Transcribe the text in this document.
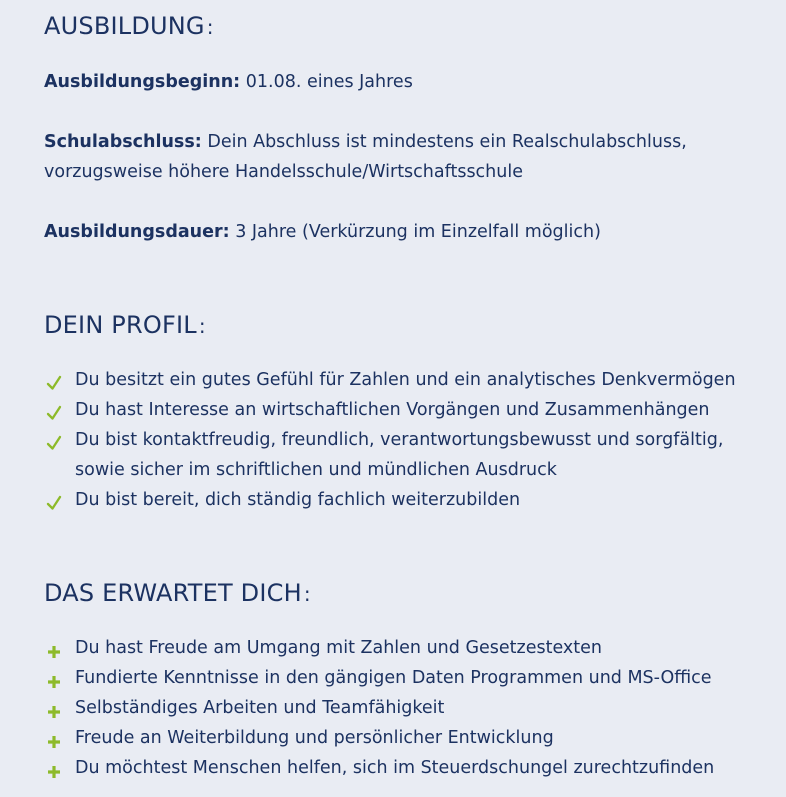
AUSBILDUNG :
Ausbildungsbeginn: 01.08. eines Jahres
Schulabschluss: Dein Abschluss ist mindestens ein Realschulabschluss, vorzugsweise höhere Handelsschule/Wirtschaftsschule
Ausbildungsdauer: 3 Jahre (Verkürzung im Einzelfall möglich)
DEIN PROFIL :
Du besitzt ein gutes Gefühl für Zahlen und ein analytisches Denkvermögen
Du hast Interesse an wirtschaftlichen Vorgängen und Zusammenhängen
Du bist kontaktfreudig, freundlich, verantwortungsbewusst und sorgfältig, sowie sicher im schriftlichen und mündlichen Ausdruck
Du bist bereit, dich ständig fachlich weiterzubilden
DAS ERWARTET DICH :
Du hast Freude am Umgang mit Zahlen und Gesetzestexten
Fundierte Kenntnisse in den gängigen Daten Programmen und MS-Office
Selbständiges Arbeiten und Teamfähigkeit
Freude an Weiterbildung und persönlicher Entwicklung
Du möchtest Menschen helfen, sich im Steuerdschungel zurechtzufinden
